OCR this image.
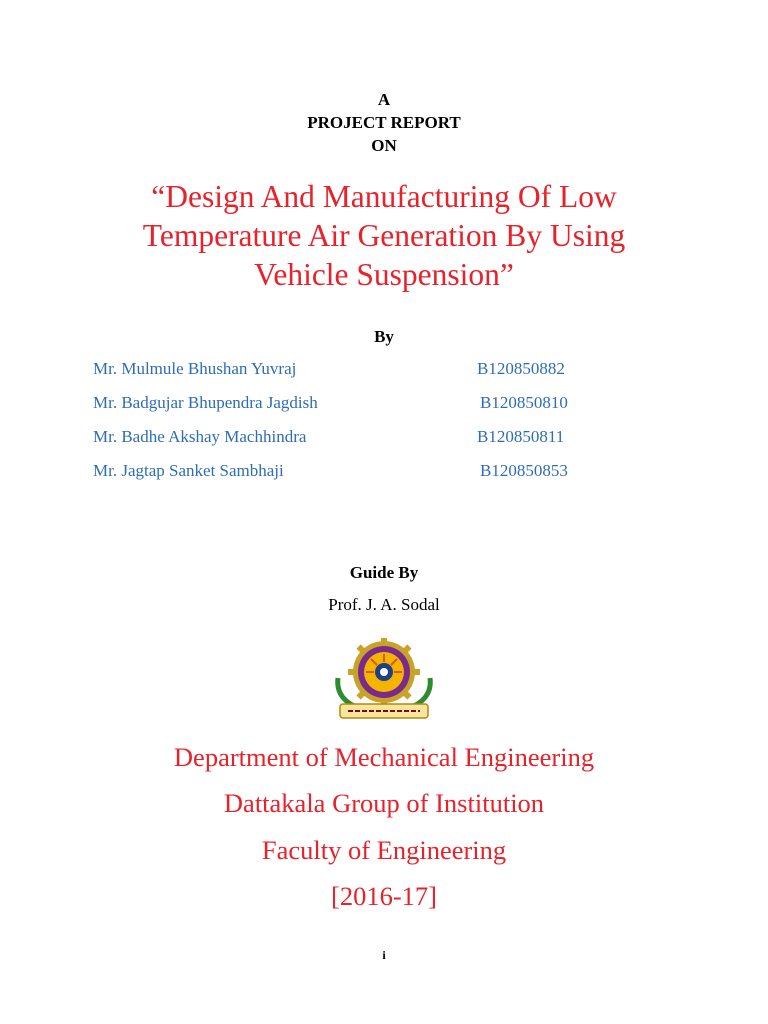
A
PROJECT REPORT
ON
“Design And Manufacturing Of Low
Temperature Air Generation By Using
Vehicle Suspension”
By
Mr. Mulmule Bhushan Yuvraj	B120850882
Mr. Badgujar Bhupendra Jagdish	B120850810
Mr. Badhe Akshay Machhindra	B120850811
Mr. Jagtap Sanket Sambhaji	B120850853
Guide By
Prof. J. A. Sodal
Department of Mechanical Engineering
Dattakala Group of Institution
Faculty of Engineering
[2016-17]
i
